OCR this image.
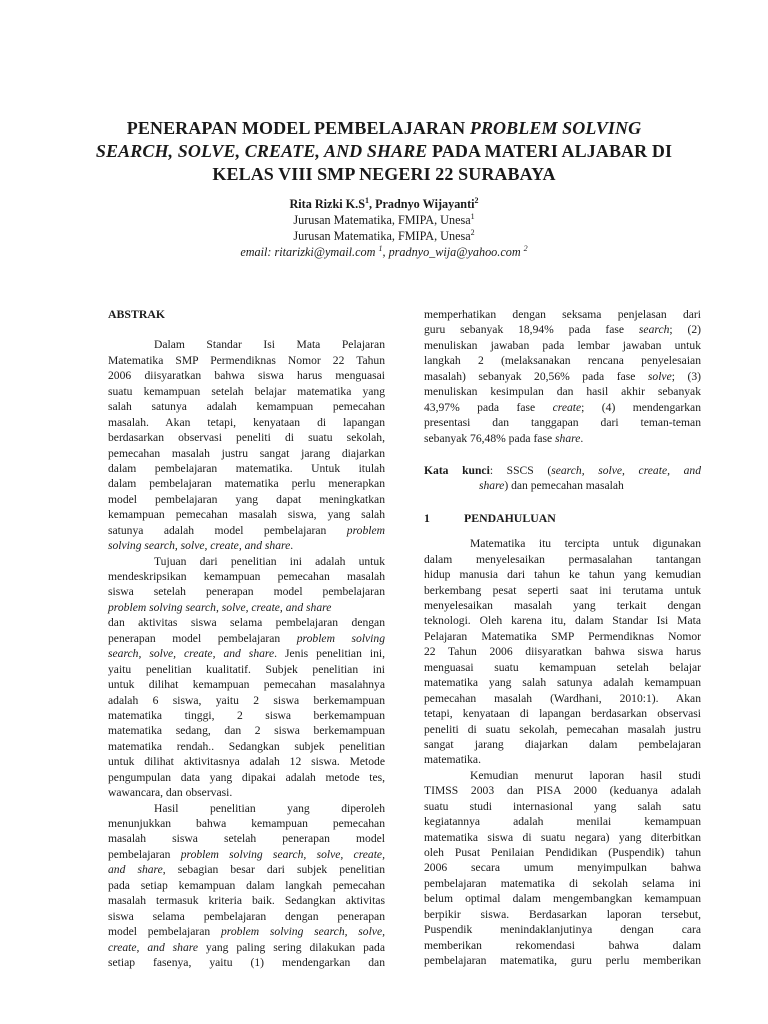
PENERAPAN MODEL PEMBELAJARAN PROBLEM SOLVING
SEARCH, SOLVE, CREATE, AND SHARE PADA MATERI ALJABAR DI
KELAS VIII SMP NEGERI 22 SURABAYA
Rita Rizki $K.S^1$, Pradnyo Wijayanti$^2$
Jurusan Matematika, FMIPA, Unesa$^1$
Jurusan Matematika, FMIPA, Unesa$^2$
email: ritarizki@ymail.com $^1$, pradnyo_wija@yahoo.com $^2$
ABSTRAK
Dalam Standar Isi Mata Pelajaran
Matematika SMP Permendiknas Nomor 22 Tahun
2006 diisyaratkan bahwa siswa harus menguasai
suatu kemampuan setelah belajar matematika yang
salah satunya adalah kemampuan pemecahan
masalah. Akan tetapi, kenyataan di lapangan
berdasarkan observasi peneliti di suatu sekolah,
pemecahan masalah justru sangat jarang diajarkan
dalam pembelajaran matematika. Untuk itulah
dalam pembelajaran matematika perlu menerapkan
model pembelajaran yang dapat meningkatkan
kemampuan pemecahan masalah siswa, yang salah
satunya adalah model pembelajaran problem
solving search, solve, create, and share.
Tujuan dari penelitian ini adalah untuk
mendeskripsikan kemampuan pemecahan masalah
siswa setelah penerapan model pembelajaran
problem solving search, solve, create, and share
dan aktivitas siswa selama pembelajaran dengan
penerapan model pembelajaran problem solving
search, solve, create, and share. Jenis penelitian ini,
yaitu penelitian kualitatif. Subjek penelitian ini
untuk dilihat kemampuan pemecahan masalahnya
adalah 6 siswa, yaitu 2 siswa berkemampuan
matematika tinggi, 2 siswa berkemampuan
matematika sedang, dan 2 siswa berkemampuan
matematika rendah.. Sedangkan subjek penelitian
untuk dilihat aktivitasnya adalah 12 siswa. Metode
pengumpulan data yang dipakai adalah metode tes,
wawancara, dan observasi.
Hasil penelitian yang diperoleh
menunjukkan bahwa kemampuan pemecahan
masalah siswa setelah penerapan model
pembelajaran problem solving search, solve, create,
and share, sebagian besar dari subjek penelitian
pada setiap kemampuan dalam langkah pemecahan
masalah termasuk kriteria baik. Sedangkan aktivitas
siswa selama pembelajaran dengan penerapan
model pembelajaran problem solving search, solve,
create, and share yang paling sering dilakukan pada
setiap fasenya, yaitu (1) mendengarkan dan
memperhatikan dengan seksama penjelasan dari
guru sebanyak 18,94% pada fase search; (2)
menuliskan jawaban pada lembar jawaban untuk
langkah 2 (melaksanakan rencana penyelesaian
masalah) sebanyak 20,56% pada fase solve; (3)
menuliskan kesimpulan dan hasil akhir sebanyak
43,97% pada fase create; (4) mendengarkan
presentasi dan tanggapan dari teman-teman
sebanyak 76,48% pada fase share.
Kata kunci: SSCS (search, solve, create, and
share) dan pemecahan masalah
1	PENDAHULUAN
Matematika itu tercipta untuk digunakan
dalam menyelesaikan permasalahan tantangan
hidup manusia dari tahun ke tahun yang kemudian
berkembang pesat seperti saat ini terutama untuk
menyelesaikan masalah yang terkait dengan
teknologi. Oleh karena itu, dalam Standar Isi Mata
Pelajaran Matematika SMP Permendiknas Nomor
22 Tahun 2006 diisyaratkan bahwa siswa harus
menguasai suatu kemampuan setelah belajar
matematika yang salah satunya adalah kemampuan
pemecahan masalah (Wardhani, 2010:1). Akan
tetapi, kenyataan di lapangan berdasarkan observasi
peneliti di suatu sekolah, pemecahan masalah justru
sangat jarang diajarkan dalam pembelajaran
matematika.
Kemudian menurut laporan hasil studi
TIMSS 2003 dan PISA 2000 (keduanya adalah
suatu studi internasional yang salah satu
kegiatannya adalah menilai kemampuan
matematika siswa di suatu negara) yang diterbitkan
oleh Pusat Penilaian Pendidikan (Puspendik) tahun
2006 secara umum menyimpulkan bahwa
pembelajaran matematika di sekolah selama ini
belum optimal dalam mengembangkan kemampuan
berpikir siswa. Berdasarkan laporan tersebut,
Puspendik menindaklanjutinya dengan cara
memberikan rekomendasi bahwa dalam
pembelajaran matematika, guru perlu memberikan
